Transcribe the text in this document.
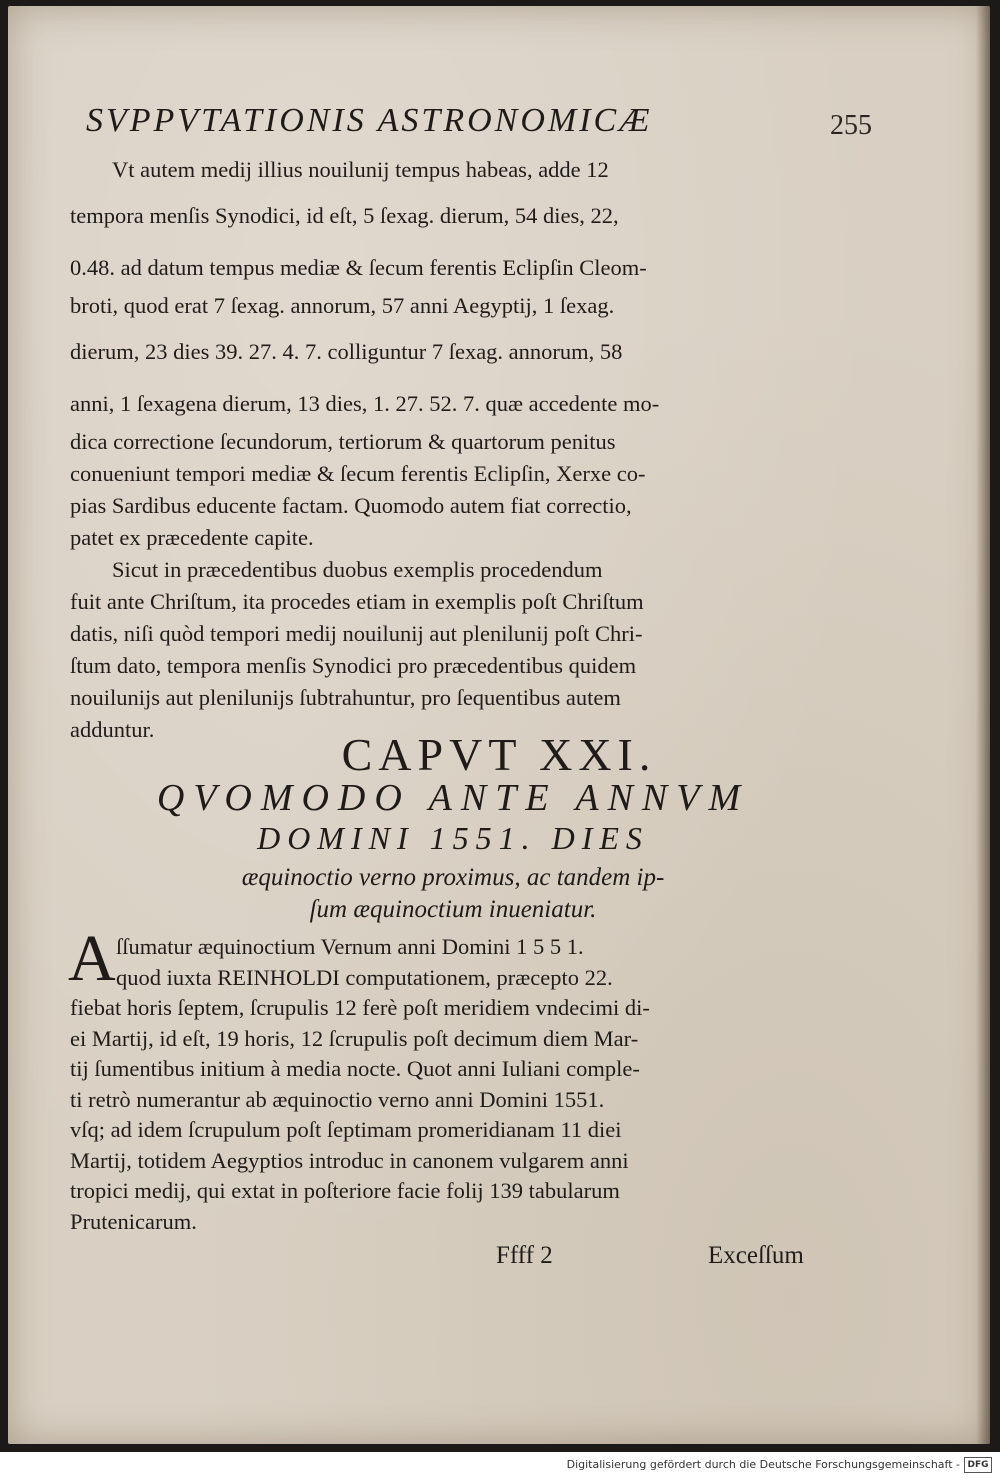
SVPPVTATIONIS ASTRONOMICÆ	255
Vt autem medij illius nouilunij tempus habeas, adde 12
tempora menſis Synodici, id eſt, 5 ſexag. dierum, 54 dies, 22,
0.48. ad datum tempus mediæ & ſecum ferentis Eclipſin Cleom-
broti, quod erat 7 ſexag. annorum, 57 anni Aegyptij, 1 ſexag.
dierum, 23 dies 39. 27. 4. 7. colliguntur 7 ſexag. annorum, 58
anni, 1 ſexagena dierum, 13 dies, 1. 27. 52. 7. quæ accedente mo-
dica correctione ſecundorum, tertiorum & quartorum penitus
conueniunt tempori mediæ & ſecum ferentis Eclipſin, Xerxe co-
pias Sardibus educente factam. Quomodo autem fiat correctio,
patet ex præcedente capite.
Sicut in præcedentibus duobus exemplis procedendum
fuit ante Chriſtum, ita procedes etiam in exemplis poſt Chriſtum
datis, niſi quòd tempori medij nouilunij aut plenilunij poſt Chri-
ſtum dato, tempora menſis Synodici pro præcedentibus quidem
nouilunijs aut plenilunijs ſubtrahuntur, pro ſequentibus autem
adduntur.	CAPVT XXI.
QVOMODO ANTE ANNVM
DOMINI 1551. DIES
æquinoctio verno proximus, ac tandem ip-
ſum æquinoctium inueniatur.
A ſſumatur æquinoctium Vernum anni Domini 1 5 5 1.
quod iuxta REINHOLDI computationem, præcepto 22.
fiebat horis ſeptem, ſcrupulis 12 ferè poſt meridiem vndecimi di-
ei Martij, id eſt, 19 horis, 12 ſcrupulis poſt decimum diem Mar-
tij ſumentibus initium à media nocte. Quot anni Iuliani comple-
ti retrò numerantur ab æquinoctio verno anni Domini 1551.
vſq; ad idem ſcrupulum poſt ſeptimam promeridianam 11 diei
Martij, totidem Aegyptios introduc in canonem vulgarem anni
tropici medij, qui extat in poſteriore facie folij 139 tabularum
Prutenicarum.
Ffff 2	Exceſſum
Digitalisierung gefördert durch die Deutsche Forschungsgemeinschaft - DFG
